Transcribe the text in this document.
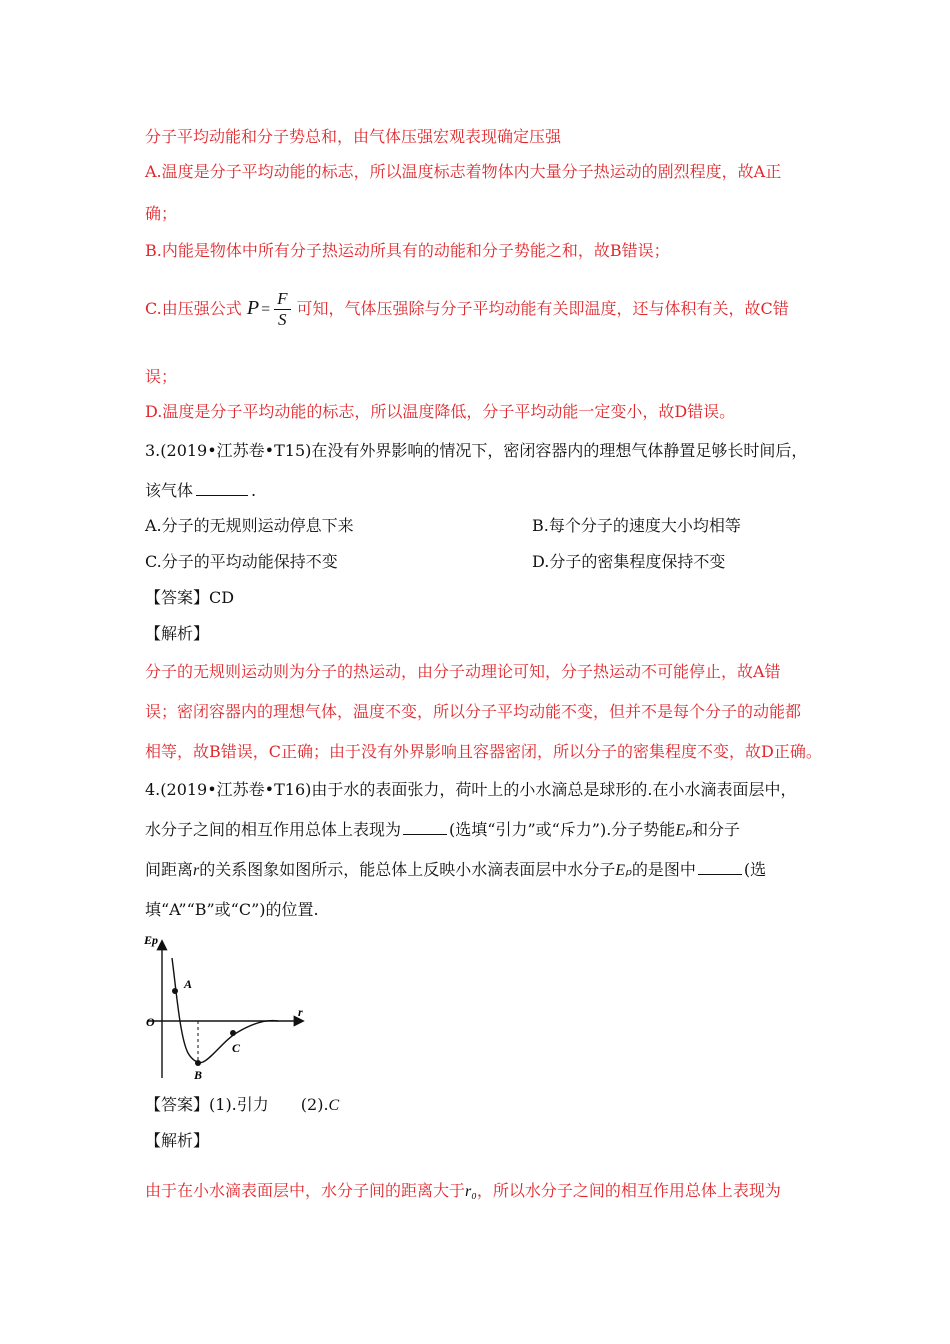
分子平均动能和分子势总和，由气体压强宏观表现确定压强
A.温度是分子平均动能的标志，所以温度标志着物体内大量分子热运动的剧烈程度，故A正
确；
B.内能是物体中所有分子热运动所具有的动能和分子势能之和，故B错误；
C.由压强公式 $P = \frac{F}{S}$ 可知，气体压强除与分子平均动能有关即温度，还与体积有关，故C错
误；
D.温度是分子平均动能的标志，所以温度降低，分子平均动能一定变小，故D错误。
3.(2019•江苏卷•T15)在没有外界影响的情况下，密闭容器内的理想气体静置足够长时间后，
该气体	.
A.分子的无规则运动停息下来	B.每个分子的速度大小均相等
C.分子的平均动能保持不变	D.分子的密集程度保持不变
【答案】CD
【解析】
分子的无规则运动则为分子的热运动，由分子动理论可知，分子热运动不可能停止，故A错
误；密闭容器内的理想气体，温度不变，所以分子平均动能不变，但并不是每个分子的动能都
相等，故B错误，C正确；由于没有外界影响且容器密闭，所以分子的密集程度不变，故D正确。
4.(2019•江苏卷•T16)由于水的表面张力，荷叶上的小水滴总是球形的.在小水滴表面层中，
水分子之间的相互作用总体上表现为	(选填“引力”或“斥力”).分子势能Eₚ和分子
间距离r的关系图象如图所示，能总体上反映小水滴表面层中水分子Eₚ的是图中	(选
填“A”“B”或“C”)的位置.
Ep
r
O
A
B
C
【答案】(1).引力 (2).C
【解析】
由于在小水滴表面层中，水分子间的距离大于r₀，所以水分子之间的相互作用总体上表现为
